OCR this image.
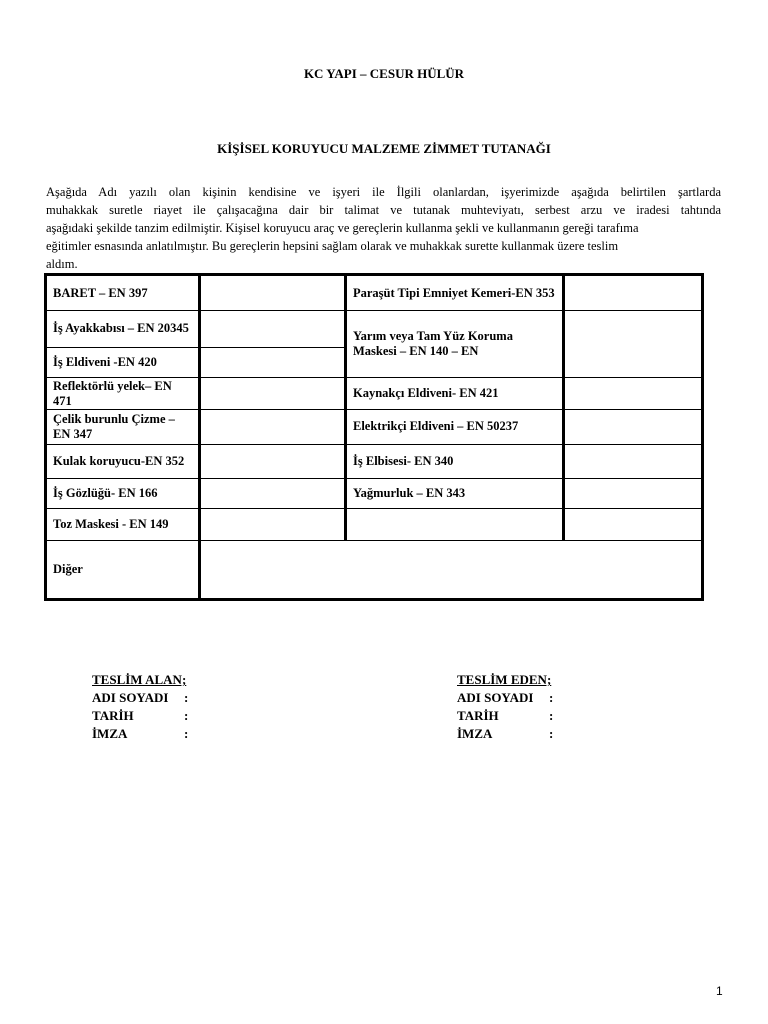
KC YAPI – CESUR HÜLÜR
KİŞİSEL KORUYUCU MALZEME ZİMMET TUTANAĞI
Aşağıda Adı yazılı olan kişinin kendisine ve işyeri ile İlgili olanlardan, işyerimizde aşağıda belirtilen şartlarda
muhakkak suretle riayet ile çalışacağına dair bir talimat ve tutanak muhteviyatı, serbest arzu ve iradesi tahtında
aşağıdaki şekilde tanzim edilmiştir. Kişisel koruyucu araç ve gereçlerin kullanma şekli ve kullanmanın gereği tarafıma
eğitimler esnasında anlatılmıştır. Bu gereçlerin hepsini sağlam olarak ve muhakkak surette kullanmak üzere teslim
aldım.
BARET – EN 397		Paraşüt Tipi Emniyet Kemeri-EN 353	
İş Ayakkabısı – EN 20345		Yarım veya Tam Yüz Koruma Maskesi – EN 140 – EN	
İş Eldiveni -EN 420			
Reflektörlü yelek– EN 471		Kaynakçı Eldiveni- EN 421	
Çelik burunlu Çizme – EN 347		Elektrikçi Eldiveni – EN 50237	
Kulak koruyucu-EN 352		İş Elbisesi- EN 340	
İş Gözlüğü- EN 166		Yağmurluk – EN 343	
Toz Maskesi - EN 149			
Diğer			
TESLİM ALAN;
ADI SOYADI	:
TARİH	:
İMZA	:
TESLİM EDEN;
ADI SOYADI	:
TARİH	:
İMZA	:
1
